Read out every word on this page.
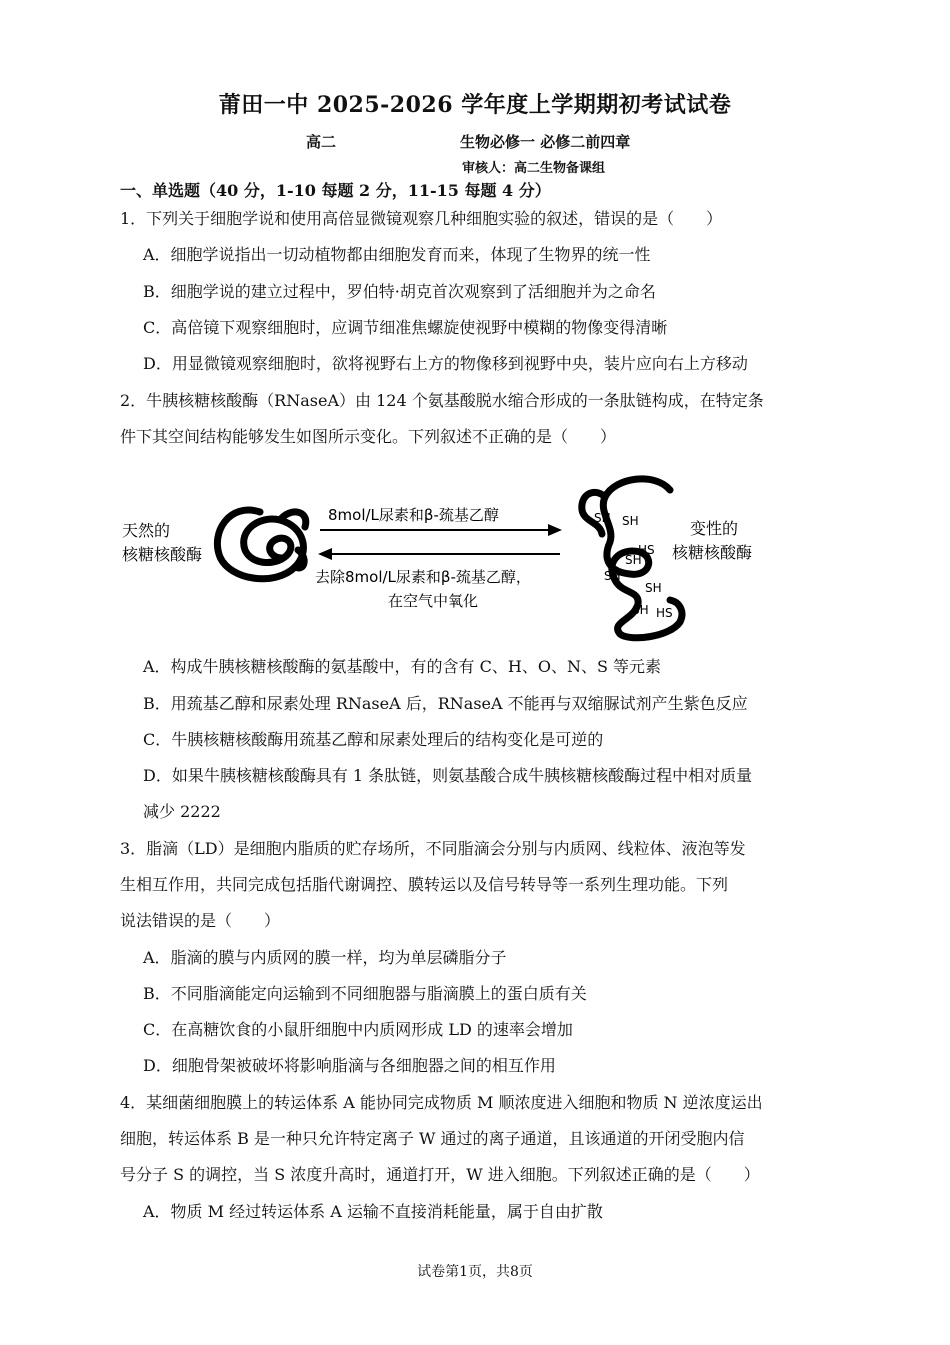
莆田一中 2025-2026 学年度上学期期初考试试卷
高二	生物必修一 必修二前四章
审核人：高二生物备课组
一、单选题（40 分，1-10 每题 2 分，11-15 每题 4 分）
1．下列关于细胞学说和使用高倍显微镜观察几种细胞实验的叙述，错误的是（　　）
A．细胞学说指出一切动植物都由细胞发育而来，体现了生物界的统一性
B．细胞学说的建立过程中，罗伯特·胡克首次观察到了活细胞并为之命名
C．高倍镜下观察细胞时，应调节细准焦螺旋使视野中模糊的物像变得清晰
D．用显微镜观察细胞时，欲将视野右上方的物像移到视野中央，装片应向右上方移动
2．牛胰核糖核酸酶（RNaseA）由 124 个氨基酸脱水缩合形成的一条肽链构成，在特定条
件下其空间结构能够发生如图所示变化。下列叙述不正确的是（　　）
天然的
核糖核酸酶
8mol/L尿素和β-巯基乙醇
去除8mol/L尿素和β-巯基乙醇，
在空气中氧化
SH SH
HS
SH
SH
SH
SH HS
变性的
核糖核酸酶
A．构成牛胰核糖核酸酶的氨基酸中，有的含有 C、H、O、N、S 等元素
B．用巯基乙醇和尿素处理 RNaseA 后，RNaseA 不能再与双缩脲试剂产生紫色反应
C．牛胰核糖核酸酶用巯基乙醇和尿素处理后的结构变化是可逆的
D．如果牛胰核糖核酸酶具有 1 条肽链，则氨基酸合成牛胰核糖核酸酶过程中相对质量
减少 2222
3．脂滴（LD）是细胞内脂质的贮存场所，不同脂滴会分别与内质网、线粒体、液泡等发
生相互作用，共同完成包括脂代谢调控、膜转运以及信号转导等一系列生理功能。下列
说法错误的是（　　）
A．脂滴的膜与内质网的膜一样，均为单层磷脂分子
B．不同脂滴能定向运输到不同细胞器与脂滴膜上的蛋白质有关
C．在高糖饮食的小鼠肝细胞中内质网形成 LD 的速率会增加
D．细胞骨架被破坏将影响脂滴与各细胞器之间的相互作用
4．某细菌细胞膜上的转运体系 A 能协同完成物质 M 顺浓度进入细胞和物质 N 逆浓度运出
细胞，转运体系 B 是一种只允许特定离子 W 通过的离子通道，且该通道的开闭受胞内信
号分子 S 的调控，当 S 浓度升高时，通道打开，W 进入细胞。下列叙述正确的是（　　）
A．物质 M 经过转运体系 A 运输不直接消耗能量，属于自由扩散
试卷第1页，共8页
